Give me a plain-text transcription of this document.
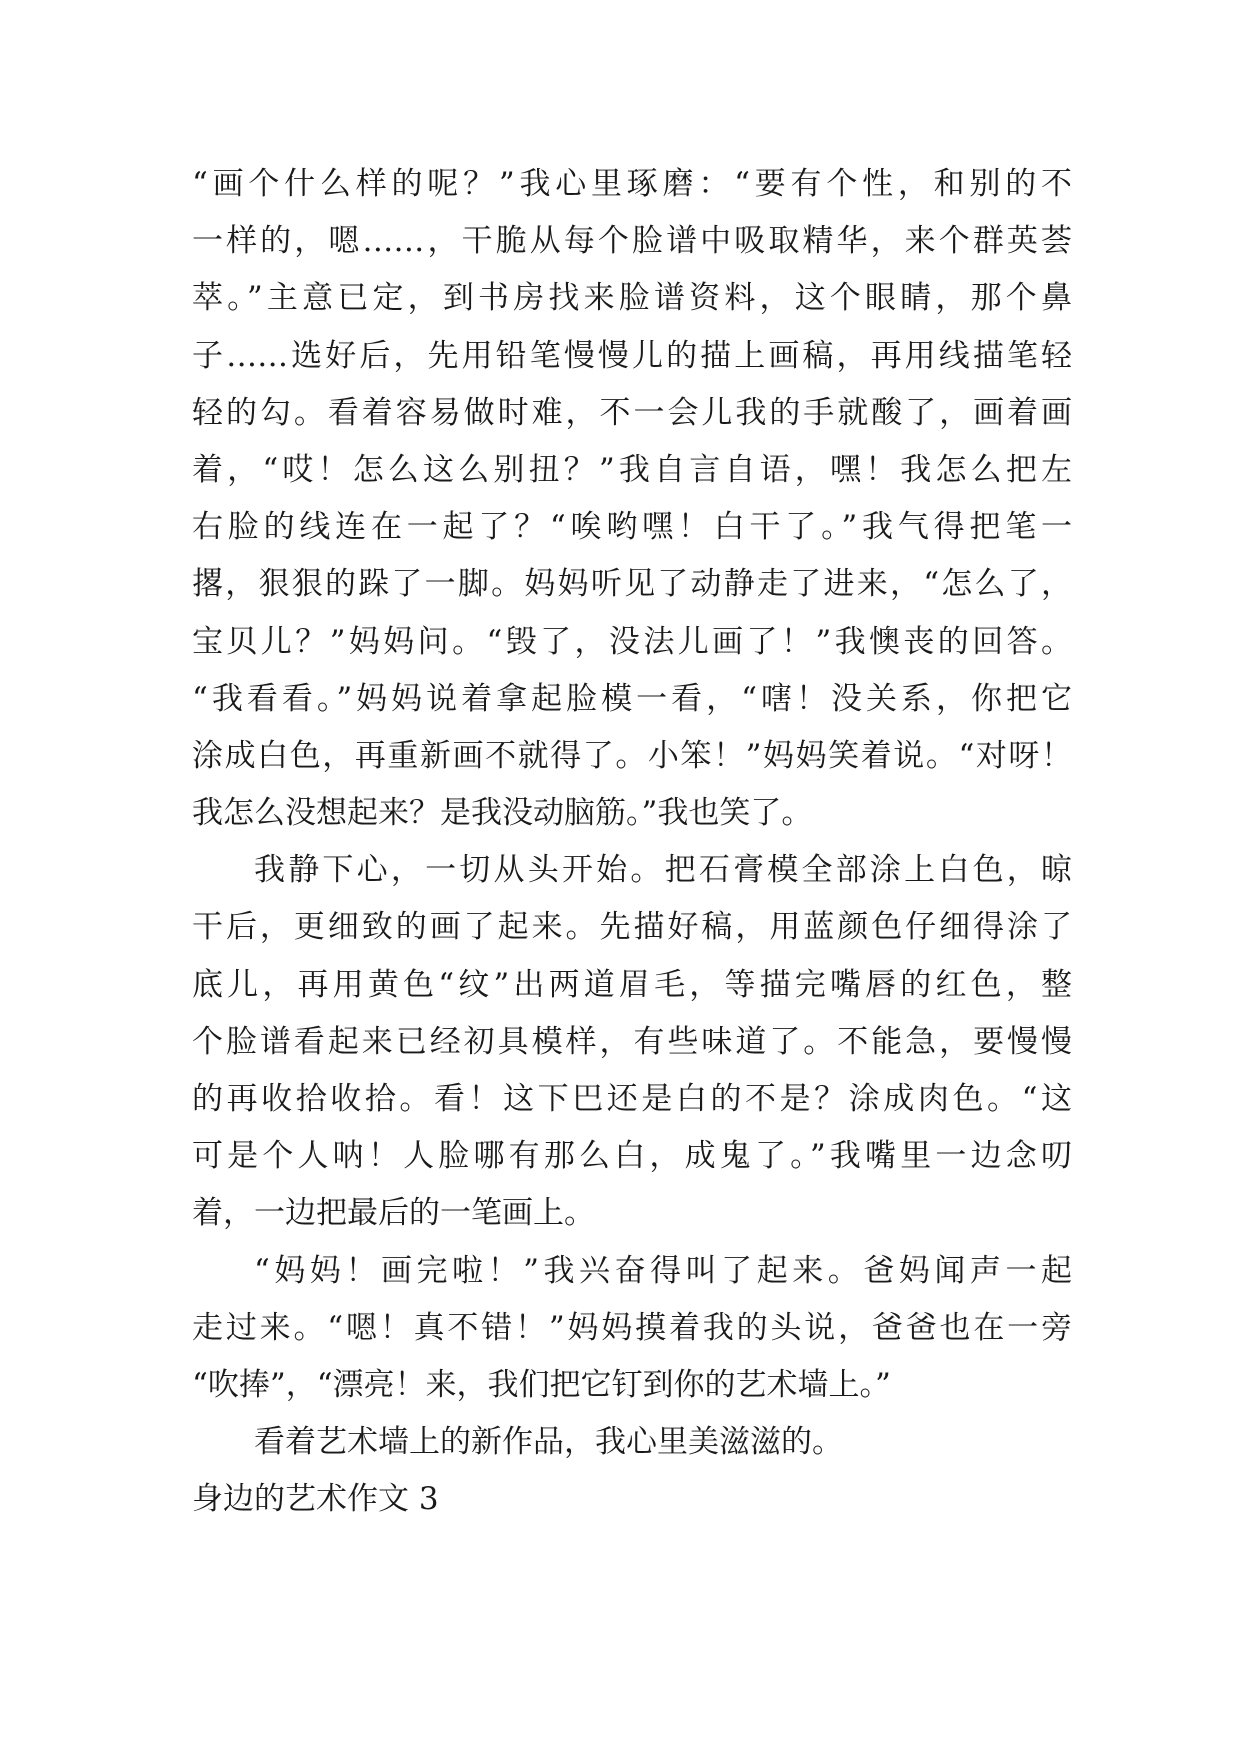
“画个什么样的呢？”我心里琢磨：“要有个性，和别的不
一样的，嗯……，干脆从每个脸谱中吸取精华，来个群英荟
萃。”主意已定，到书房找来脸谱资料，这个眼睛，那个鼻
子……选好后，先用铅笔慢慢儿的描上画稿，再用线描笔轻
轻的勾。看着容易做时难，不一会儿我的手就酸了，画着画
着，“哎！怎么这么别扭？”我自言自语，嘿！我怎么把左
右脸的线连在一起了？“唉哟嘿！白干了。”我气得把笔一
撂，狠狠的跺了一脚。妈妈听见了动静走了进来，“怎么了，
宝贝儿？”妈妈问。“毁了，没法儿画了！”我懊丧的回答。
“我看看。”妈妈说着拿起脸模一看，“嗐！没关系，你把它
涂成白色，再重新画不就得了。小笨！”妈妈笑着说。“对呀！
我怎么没想起来？是我没动脑筋。”我也笑了。
我静下心，一切从头开始。把石膏模全部涂上白色，晾
干后，更细致的画了起来。先描好稿，用蓝颜色仔细得涂了
底儿，再用黄色“纹”出两道眉毛，等描完嘴唇的红色，整
个脸谱看起来已经初具模样，有些味道了。不能急，要慢慢
的再收拾收拾。看！这下巴还是白的不是？涂成肉色。“这
可是个人呐！人脸哪有那么白，成鬼了。”我嘴里一边念叨
着，一边把最后的一笔画上。
“妈妈！画完啦！”我兴奋得叫了起来。爸妈闻声一起
走过来。“嗯！真不错！”妈妈摸着我的头说，爸爸也在一旁
“吹捧”，“漂亮！来，我们把它钉到你的艺术墙上。”
看着艺术墙上的新作品，我心里美滋滋的。
身边的艺术作文 3
